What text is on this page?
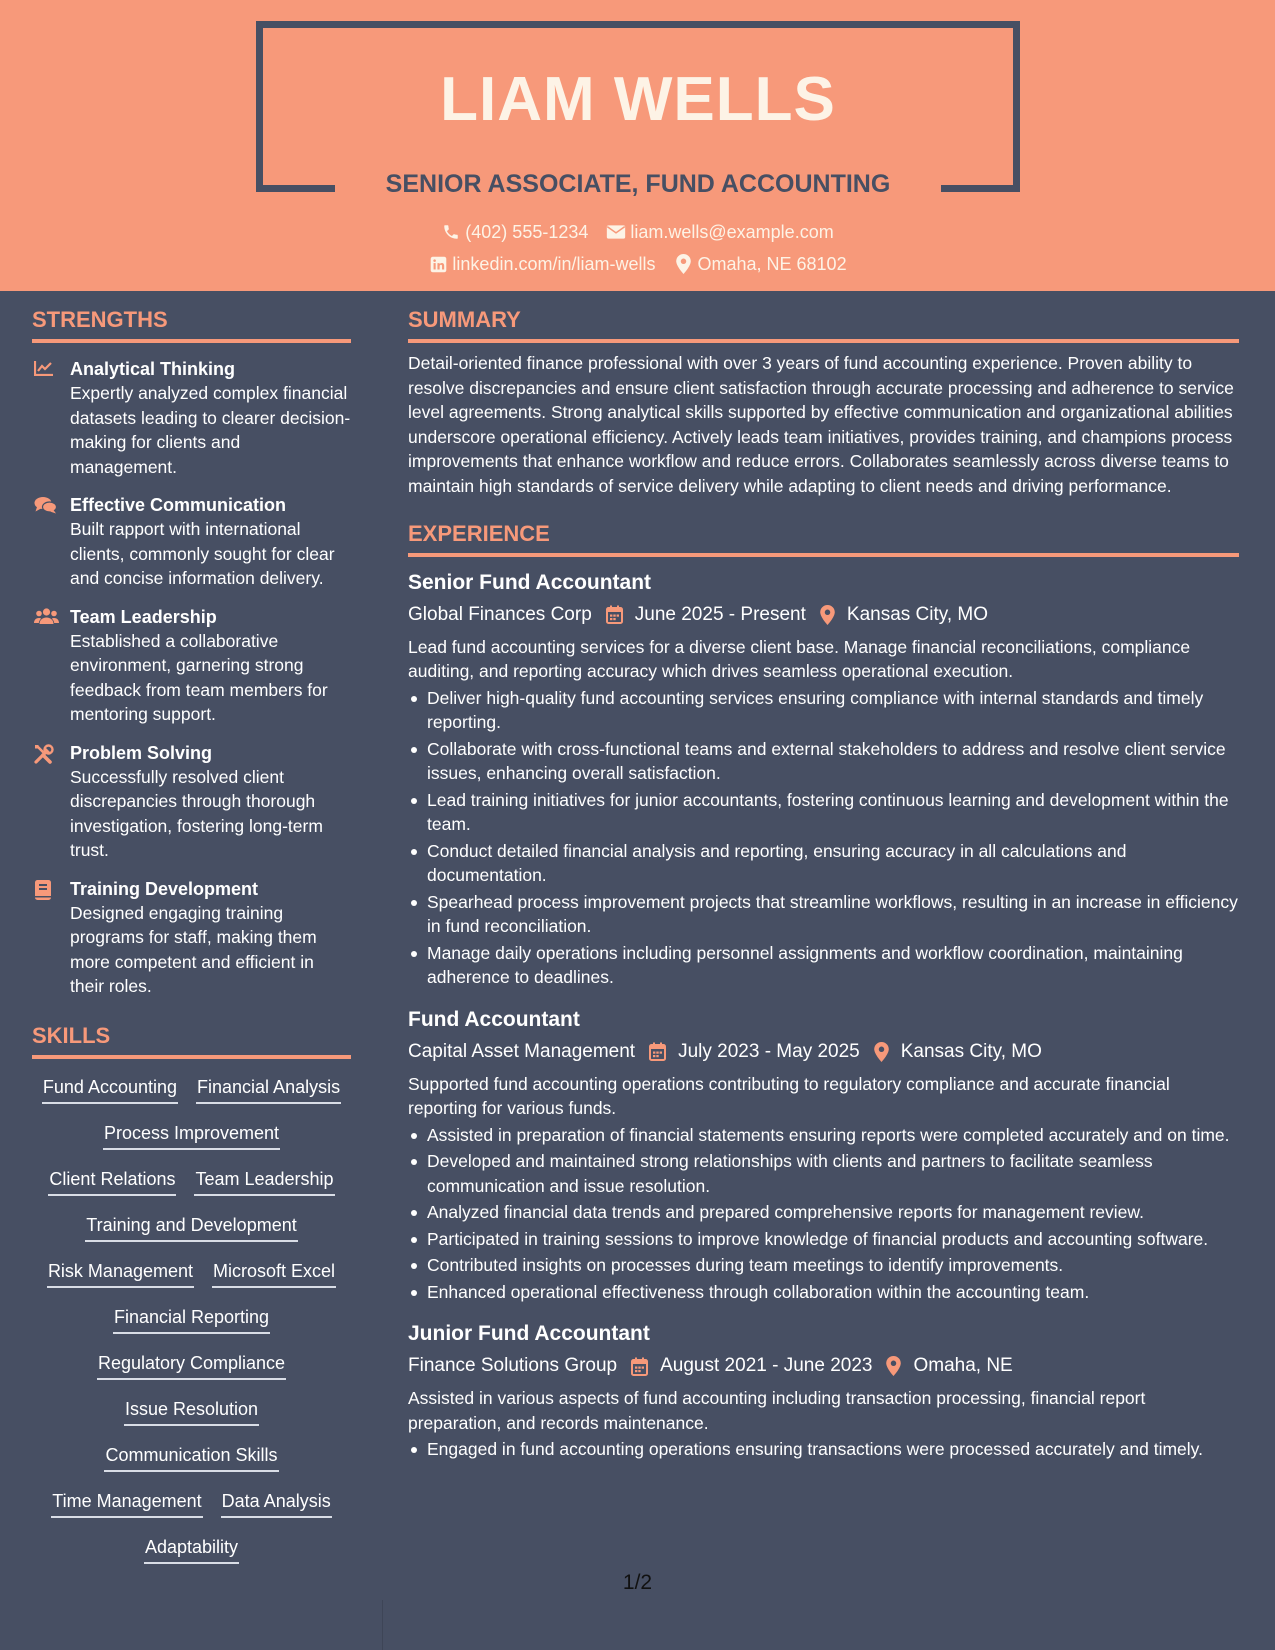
LIAM WELLS
SENIOR ASSOCIATE, FUND ACCOUNTING
(402) 555-1234 liam.wells@example.com
linkedin.com/in/liam-wells Omaha, NE 68102
STRENGTHS
Analytical Thinking
Expertly analyzed complex financial datasets leading to clearer decision-making for clients and management.
Effective Communication
Built rapport with international clients, commonly sought for clear and concise information delivery.
Team Leadership
Established a collaborative environment, garnering strong feedback from team members for mentoring support.
Problem Solving
Successfully resolved client discrepancies through thorough investigation, fostering long-term trust.
Training Development
Designed engaging training programs for staff, making them more competent and efficient in their roles.
SKILLS
Fund Accounting Financial Analysis
Process Improvement
Client Relations Team Leadership
Training and Development
Risk Management Microsoft Excel
Financial Reporting
Regulatory Compliance
Issue Resolution
Communication Skills
Time Management Data Analysis
Adaptability
SUMMARY
Detail-oriented finance professional with over 3 years of fund accounting experience. Proven ability to resolve discrepancies and ensure client satisfaction through accurate processing and adherence to service level agreements. Strong analytical skills supported by effective communication and organizational abilities underscore operational efficiency. Actively leads team initiatives, provides training, and champions process improvements that enhance workflow and reduce errors. Collaborates seamlessly across diverse teams to maintain high standards of service delivery while adapting to client needs and driving performance.
EXPERIENCE
Senior Fund Accountant
Global Finances Corp June 2025 - Present Kansas City, MO
Lead fund accounting services for a diverse client base. Manage financial reconciliations, compliance auditing, and reporting accuracy which drives seamless operational execution.
Deliver high-quality fund accounting services ensuring compliance with internal standards and timely reporting.
Collaborate with cross-functional teams and external stakeholders to address and resolve client service issues, enhancing overall satisfaction.
Lead training initiatives for junior accountants, fostering continuous learning and development within the team.
Conduct detailed financial analysis and reporting, ensuring accuracy in all calculations and documentation.
Spearhead process improvement projects that streamline workflows, resulting in an increase in efficiency in fund reconciliation.
Manage daily operations including personnel assignments and workflow coordination, maintaining adherence to deadlines.
Fund Accountant
Capital Asset Management July 2023 - May 2025 Kansas City, MO
Supported fund accounting operations contributing to regulatory compliance and accurate financial reporting for various funds.
Assisted in preparation of financial statements ensuring reports were completed accurately and on time.
Developed and maintained strong relationships with clients and partners to facilitate seamless communication and issue resolution.
Analyzed financial data trends and prepared comprehensive reports for management review.
Participated in training sessions to improve knowledge of financial products and accounting software.
Contributed insights on processes during team meetings to identify improvements.
Enhanced operational effectiveness through collaboration within the accounting team.
Junior Fund Accountant
Finance Solutions Group August 2021 - June 2023 Omaha, NE
Assisted in various aspects of fund accounting including transaction processing, financial report preparation, and records maintenance.
Engaged in fund accounting operations ensuring transactions were processed accurately and timely.
1/2
